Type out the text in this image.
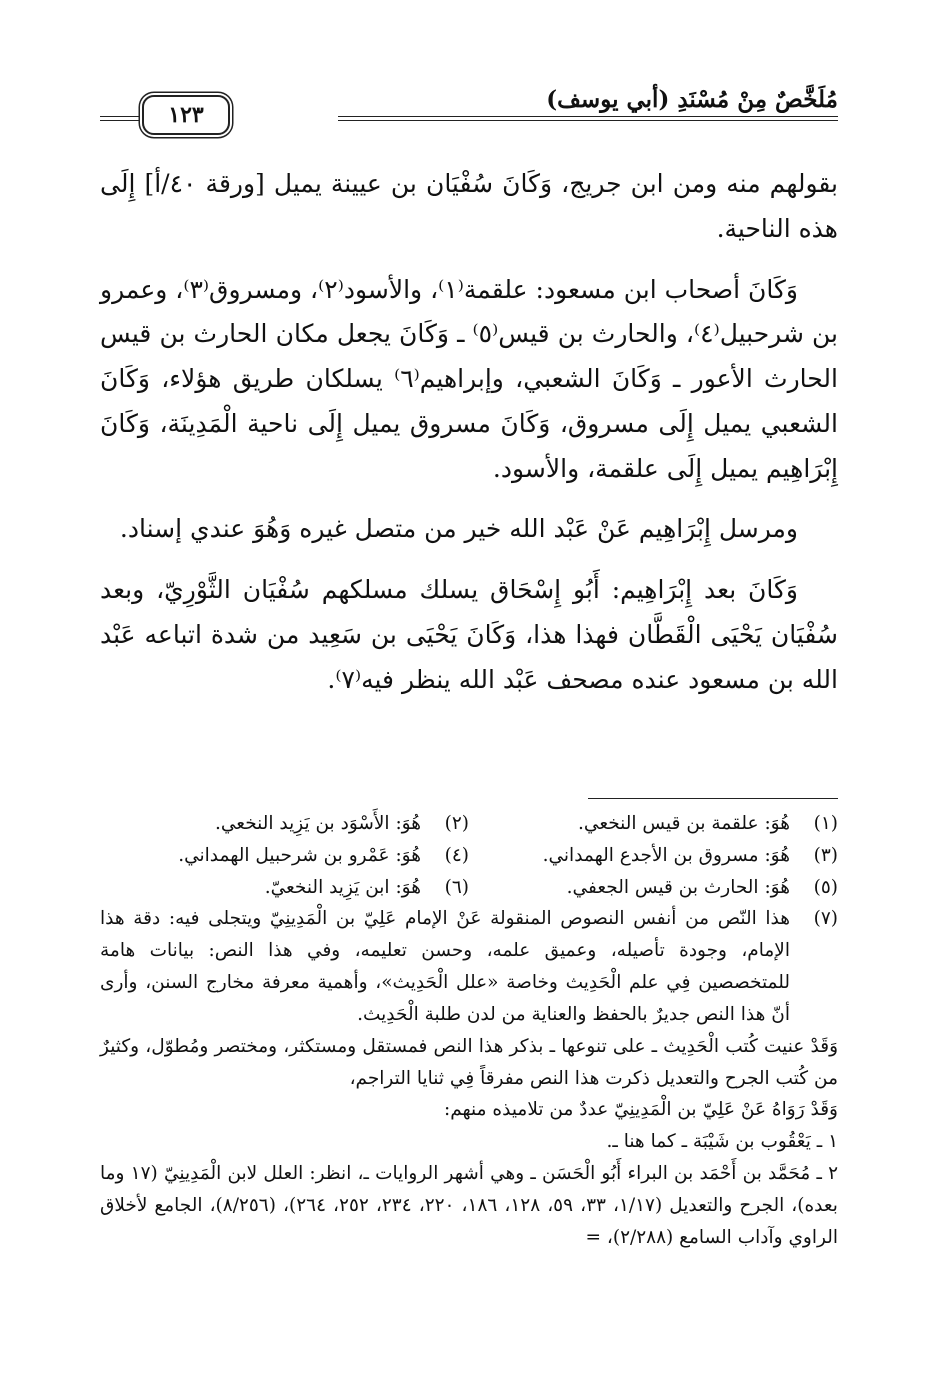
مُلَخَّصٌ مِنْ مُسْنَدِ (أبي يوسف)
١٢٣

بقولهم منه ومن ابن جريج، وَكَانَ سُفْيَان بن عيينة يميل [ورقة ٤٠/أ] إِلَى هذه الناحية.

وَكَانَ أصحاب ابن مسعود: علقمة⁽١⁾، والأسود⁽٢⁾، ومسروق⁽٣⁾، وعمرو بن شرحبيل⁽٤⁾، والحارث بن قيس⁽٥⁾ ـ وَكَانَ يجعل مكان الحارث بن قيس الحارث الأعور ـ وَكَانَ الشعبي، وإبراهيم⁽٦⁾ يسلكان طريق هؤلاء، وَكَانَ الشعبي يميل إِلَى مسروق، وَكَانَ مسروق يميل إِلَى ناحية الْمَدِينَة، وَكَانَ إِبْرَاهِيم يميل إِلَى علقمة، والأسود.

ومرسل إِبْرَاهِيم عَنْ عَبْد الله خير من متصل غيره وَهُوَ عندي إسناد.

وَكَانَ بعد إِبْرَاهِيم: أَبُو إِسْحَاق يسلك مسلكهم سُفْيَان الثَّوْرِيّ، وبعد سُفْيَان يَحْيَى الْقَطَّان فهذا هذا، وَكَانَ يَحْيَى بن سَعِيد من شدة اتباعه عَبْد الله بن مسعود عنده مصحف عَبْد الله ينظر فيه⁽٧⁾.

(١)
هُوَ: علقمة بن قيس النخعي.
(٢)
هُوَ: الأَسْوَد بن يَزِيد النخعي.
(٣)
هُوَ: مسروق بن الأجدع الهمداني.
(٤)
هُوَ: عَمْرو بن شرحبيل الهمداني.
(٥)
هُوَ: الحارث بن قيس الجعفي.
(٦)
هُوَ: ابن يَزِيد النخعيّ.
(٧)
هذا النّص من أنفس النصوص المنقولة عَنْ الإمام عَلِيّ بن الْمَدِينِيّ ويتجلى فيه: دقة هذا الإمام، وجودة تأصيله، وعميق علمه، وحسن تعليمه، وفي هذا النص: بيانات هامة للمتخصصين فِي علم الْحَدِيث وخاصة «علل الْحَدِيث»، وأهمية معرفة مخارج السنن، وأرى أنّ هذا النص جديرٌ بالحفظ والعناية من لدن طلبة الْحَدِيث.
وَقَدْ عنيت كُتب الْحَدِيث ـ على تنوعها ـ بذكر هذا النص فمستقل ومستكثر، ومختصر ومُطوّل، وكثيرٌ من كُتب الجرح والتعديل ذكرت هذا النص مفرقاً فِي ثنايا التراجم،
وَقَدْ رَوَاهُ عَنْ عَلِيّ بن الْمَدِينِيّ عددٌ من تلاميذه منهم:
١ ـ يَعْقُوب بن شَيْبَة ـ كما هنا ـ.
٢ ـ مُحَمَّد بن أَحْمَد بن البراء أَبُو الْحَسَن ـ وهي أشهر الروايات ـ، انظر: العلل لابن الْمَدِينِيّ (١٧ وما بعده)، الجرح والتعديل (١/١٧، ٣٣، ٥٩، ١٢٨، ١٨٦، ٢٢٠، ٢٣٤، ٢٥٢، ٢٦٤)، (٨/٢٥٦)، الجامع لأخلاق الراوي وآداب السامع (٢/٢٨٨)، =
